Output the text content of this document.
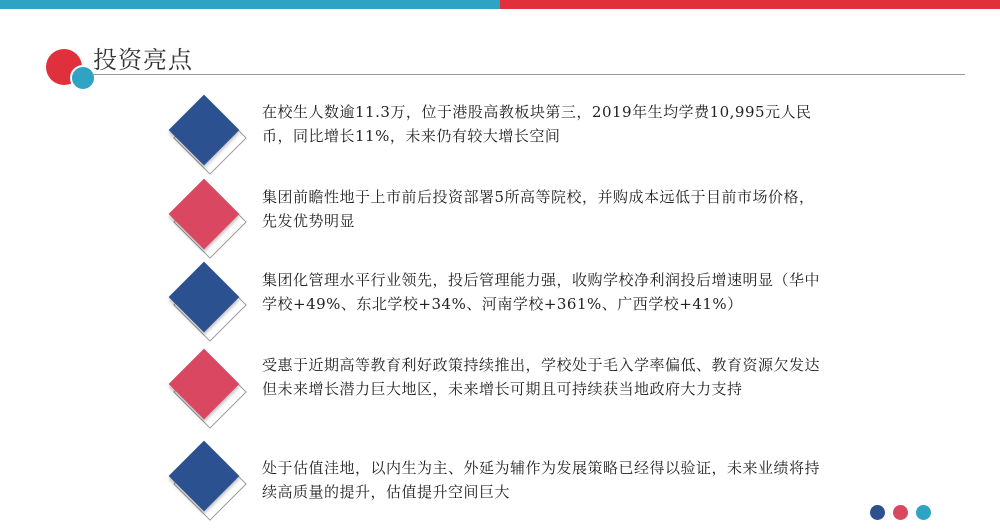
投资亮点
在校生人数逾11.3万，位于港股高教板块第三，2019年生均学费10,995元人民币，同比增长11%，未来仍有较大增长空间
集团前瞻性地于上市前后投资部署5所高等院校，并购成本远低于目前市场价格，先发优势明显
集团化管理水平行业领先，投后管理能力强，收购学校净利润投后增速明显（华中学校+49%、东北学校+34%、河南学校+361%、广西学校+41%）
受惠于近期高等教育利好政策持续推出，学校处于毛入学率偏低、教育资源欠发达但未来增长潜力巨大地区，未来增长可期且可持续获当地政府大力支持
处于估值洼地，以内生为主、外延为辅作为发展策略已经得以验证，未来业绩将持续高质量的提升，估值提升空间巨大
